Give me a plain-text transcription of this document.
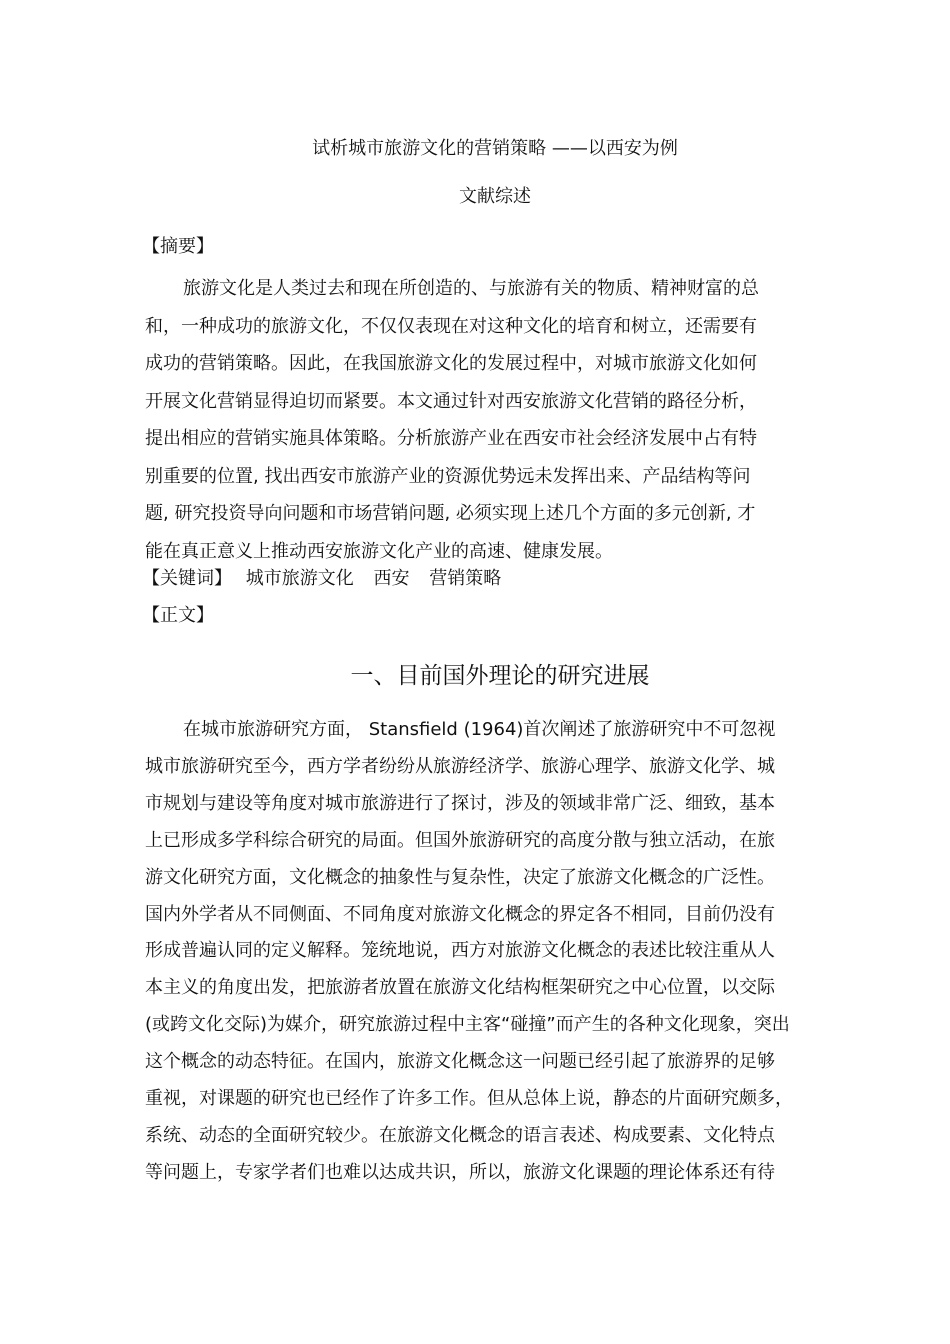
试析城市旅游文化的营销策略 ——以西安为例
文献综述
【摘要】
旅游文化是人类过去和现在所创造的、与旅游有关的物质、精神财富的总
和，一种成功的旅游文化，不仅仅表现在对这种文化的培育和树立，还需要有
成功的营销策略。因此，在我国旅游文化的发展过程中，对城市旅游文化如何
开展文化营销显得迫切而紧要。本文通过针对西安旅游文化营销的路径分析，
提出相应的营销实施具体策略。分析旅游产业在西安市社会经济发展中占有特
别重要的位置, 找出西安市旅游产业的资源优势远未发挥出来、产品结构等问
题, 研究投资导向问题和市场营销问题, 必须实现上述几个方面的多元创新, 才
能在真正意义上推动西安旅游文化产业的高速、健康发展。
【关键词】 城市旅游文化 西安 营销策略
【正文】
一、目前国外理论的研究进展
在城市旅游研究方面， Stansfield (1964)首次阐述了旅游研究中不可忽视
城市旅游研究至今，西方学者纷纷从旅游经济学、旅游心理学、旅游文化学、城
市规划与建设等角度对城市旅游进行了探讨，涉及的领域非常广泛、细致，基本
上已形成多学科综合研究的局面。但国外旅游研究的高度分散与独立活动，在旅
游文化研究方面，文化概念的抽象性与复杂性，决定了旅游文化概念的广泛性。
国内外学者从不同侧面、不同角度对旅游文化概念的界定各不相同，目前仍没有
形成普遍认同的定义解释。笼统地说，西方对旅游文化概念的表述比较注重从人
本主义的角度出发，把旅游者放置在旅游文化结构框架研究之中心位置，以交际
(或跨文化交际)为媒介，研究旅游过程中主客“碰撞”而产生的各种文化现象，突出
这个概念的动态特征。在国内，旅游文化概念这一问题已经引起了旅游界的足够
重视，对课题的研究也已经作了许多工作。但从总体上说，静态的片面研究颇多，
系统、动态的全面研究较少。在旅游文化概念的语言表述、构成要素、文化特点
等问题上，专家学者们也难以达成共识，所以，旅游文化课题的理论体系还有待
